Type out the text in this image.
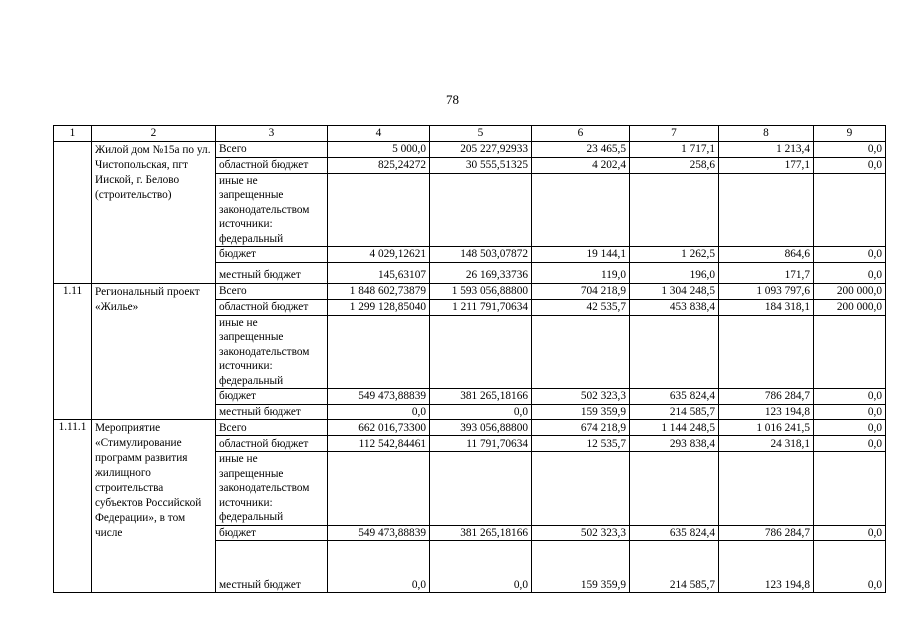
78
1	2	3	4	5	6	7	8	9
	Жилой дом №15а по ул. Чистопольская, пгт Ииской, г. Белово (строительство)	Всего	5 000,0	205 227,92933	23 465,5	1 717,1	1 213,4	0,0
		областной бюджет	825,24272	30 555,51325	4 202,4	258,6	177,1	0,0
		иные не запрещенные законодательством источники:
федеральный						
		бюджет	4 029,12621	148 503,07872	19 144,1	1 262,5	864,6	0,0
		местный бюджет	145,63107	26 169,33736	119,0	196,0	171,7	0,0
1.11	Региональный проект «Жилье»	Всего	1 848 602,73879	1 593 056,88800	704 218,9	1 304 248,5	1 093 797,6	200 000,0
		областной бюджет	1 299 128,85040	1 211 791,70634	42 535,7	453 838,4	184 318,1	200 000,0
		иные не запрещенные законодательством источники:
федеральный						
		бюджет	549 473,88839	381 265,18166	502 323,3	635 824,4	786 284,7	0,0
		местный бюджет	0,0	0,0	159 359,9	214 585,7	123 194,8	0,0
1.11.1	Мероприятие «Стимулирование программ развития жилищного строительства субъектов Российской Федерации», в том числе	Всего	662 016,73300	393 056,88800	674 218,9	1 144 248,5	1 016 241,5	0,0
		областной бюджет	112 542,84461	11 791,70634	12 535,7	293 838,4	24 318,1	0,0
		иные не запрещенные законодательством источники:
федеральный						
		бюджет	549 473,88839	381 265,18166	502 323,3	635 824,4	786 284,7	0,0
		местный бюджет	0,0	0,0	159 359,9	214 585,7	123 194,8	0,0
